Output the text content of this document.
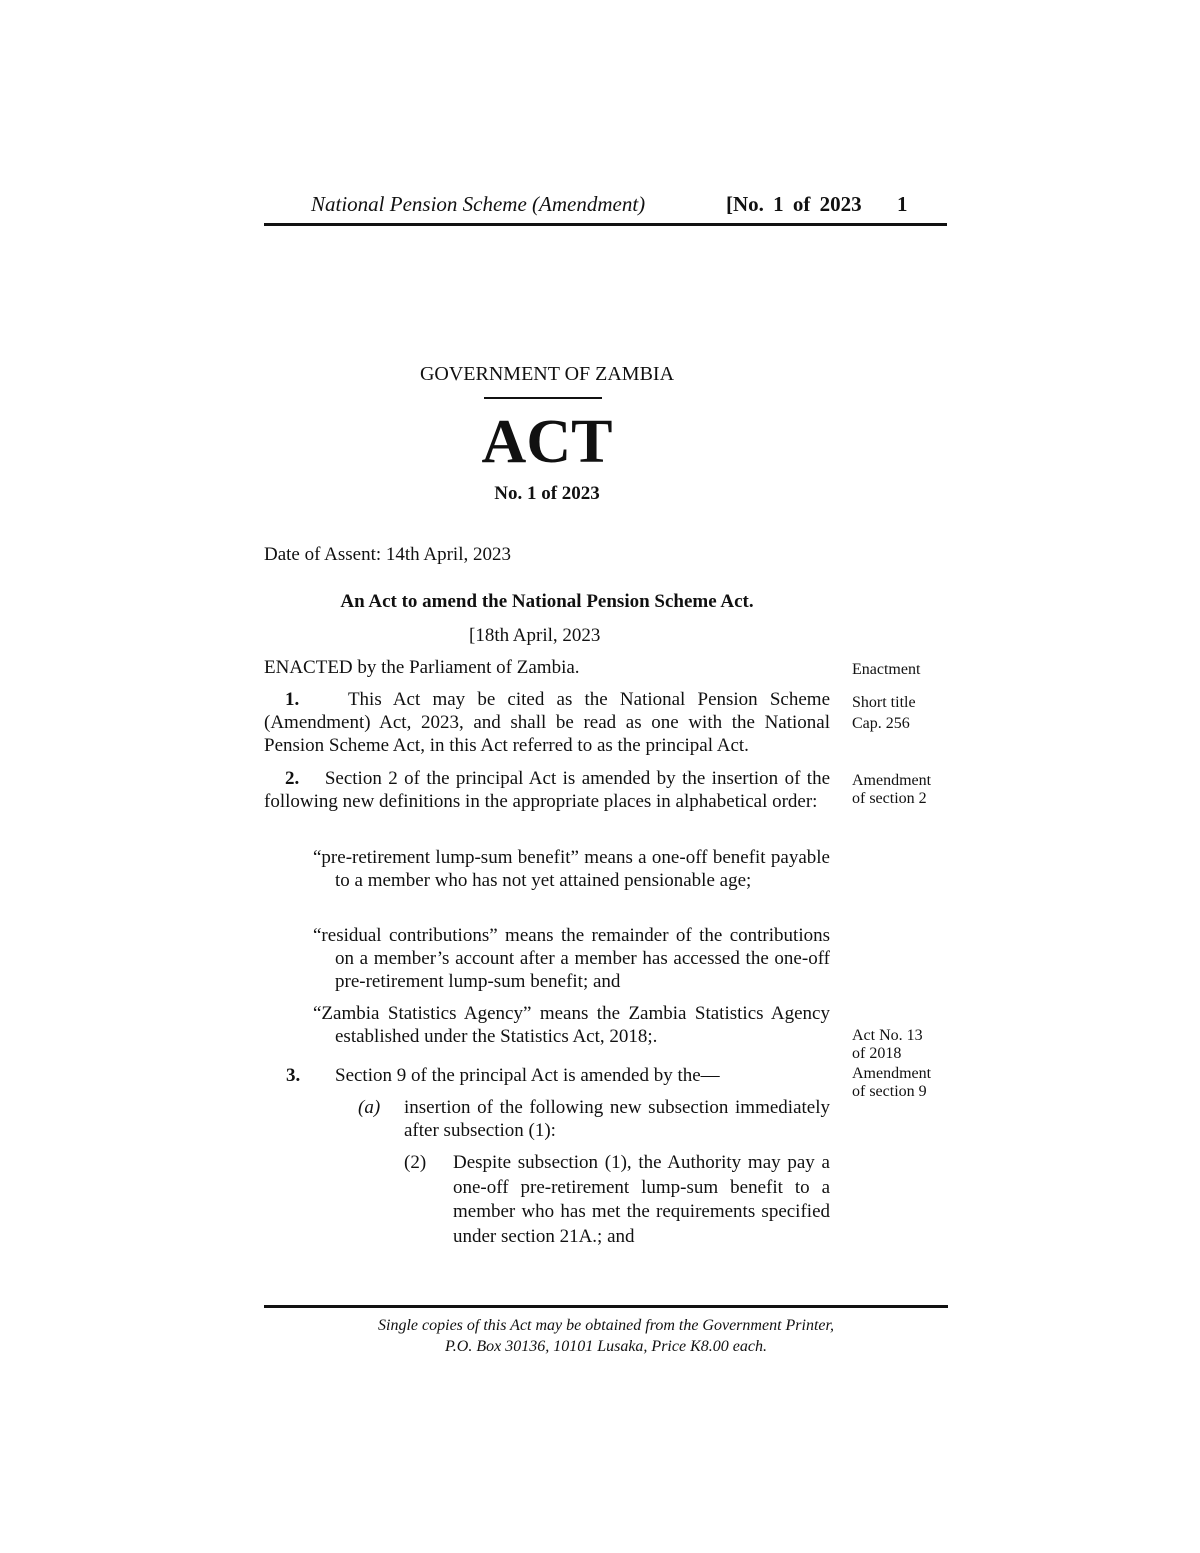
National Pension Scheme (Amendment)	[No. 1 of 2023 1
GOVERNMENT OF ZAMBIA
ACT
No. 1 of 2023
Date of Assent: 14th April, 2023
An Act to amend the National Pension Scheme Act.
[18th April, 2023
ENACTED by the Parliament of Zambia.
1.	This Act may be cited as the National Pension Scheme (Amendment) Act, 2023, and shall be read as one with the National Pension Scheme Act, in this Act referred to as the principal Act.
2. Section 2 of the principal Act is amended by the insertion of the following new definitions in the appropriate places in alphabetical order:
“pre-retirement lump-sum benefit” means a one-off benefit payable to a member who has not yet attained pensionable age;
“residual contributions” means the remainder of the contributions on a member’s account after a member has accessed the one-off pre-retirement lump-sum benefit; and
“Zambia Statistics Agency” means the Zambia Statistics Agency established under the Statistics Act, 2018;.
3. Section 9 of the principal Act is amended by the—
(a) insertion of the following new subsection immediately after subsection (1):
(2) Despite subsection (1), the Authority may pay a one-off pre-retirement lump-sum benefit to a member who has met the requirements specified under section 21A.; and
Enactment
Short title
Cap. 256
Amendment
of section 2
Act No. 13
of 2018
Amendment
of section 9
Single copies of this Act may be obtained from the Government Printer,
P.O. Box 30136, 10101 Lusaka, Price K8.00 each.
